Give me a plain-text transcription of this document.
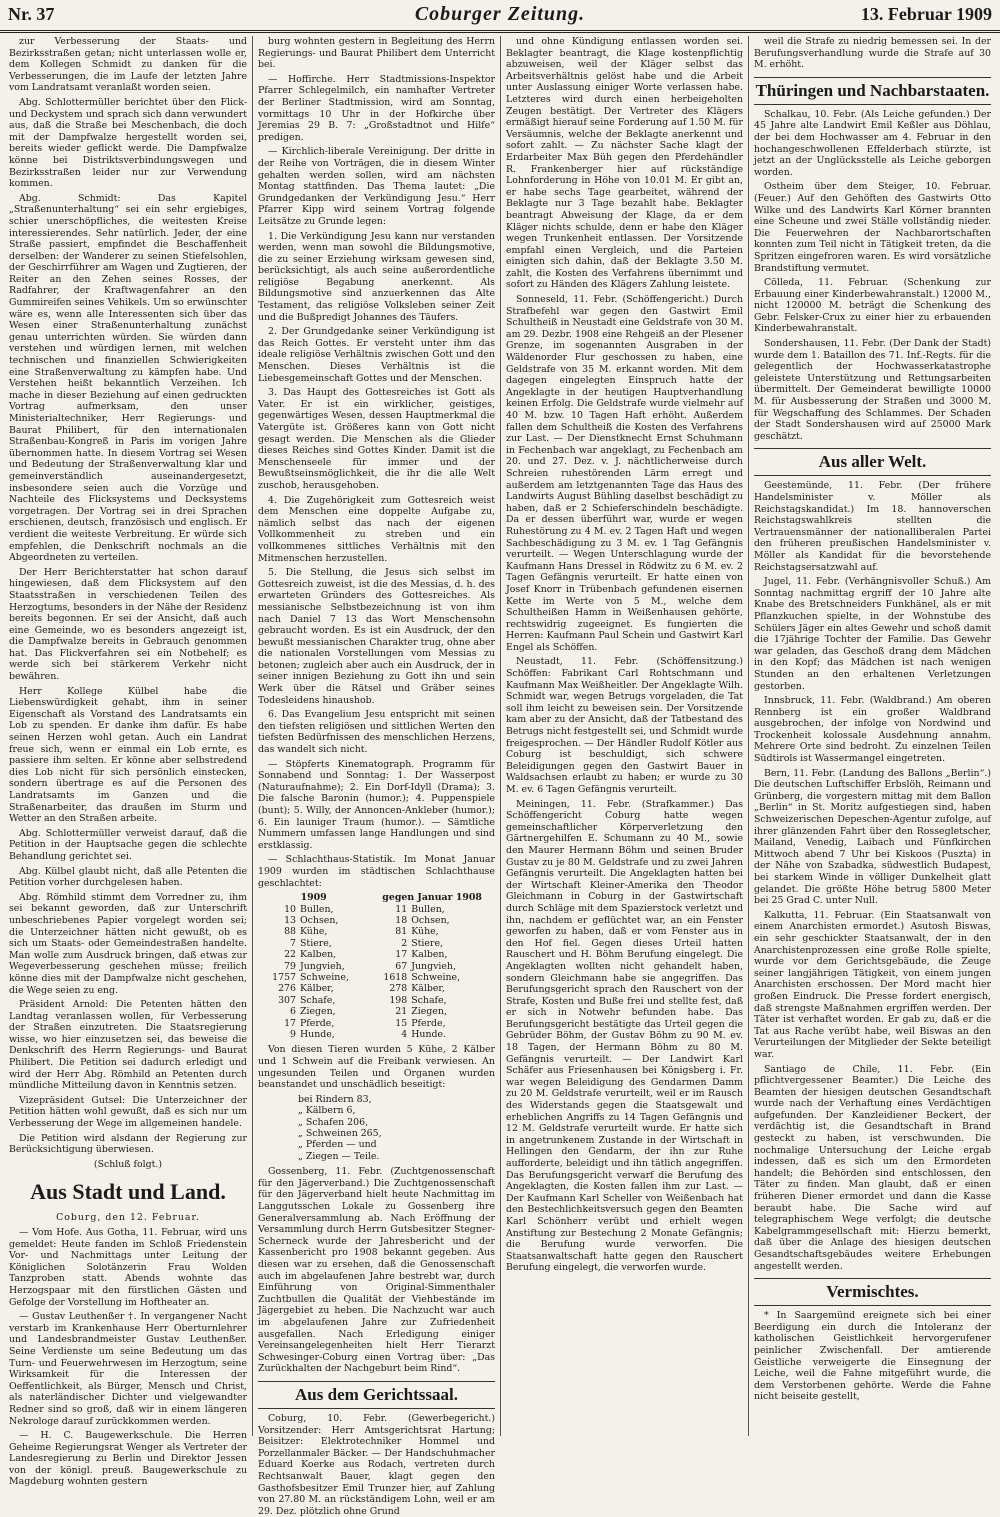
Nr. 37	Coburger Zeitung.	13. Februar 1909

zur Verbesserung der Staats- und Bezirksstraßen getan; nicht unterlassen wolle er, dem Kollegen Schmidt zu danken für die Verbesserungen, die im Laufe der letzten Jahre vom Landratsamt veranlaßt worden seien.

Abg. Schlottermüller berichtet über den Flick- und Deckystem und sprach sich dann verwundert aus, daß die Straße bei Meschenbach, die doch mit der Dampfwalze hergestellt worden sei, bereits wieder geflickt werde. Die Dampfwalze könne bei Distriktsverbindungswegen und Bezirksstraßen leider nur zur Verwendung kommen.

Abg. Schmidt: Das Kapitel „Straßenunterhaltung“ sei ein sehr ergiebiges, schier unerschöpfliches, die weitesten Kreise interessierendes. Sehr natürlich. Jeder, der eine Straße passiert, empfindet die Beschaffenheit derselben: der Wanderer zu seinen Stiefelsohlen, der Geschirrführer am Wagen und Zugtieren, der Reiter an den Zehen seines Rosses, der Radfahrer, der Kraftwagenfahrer an den Gummireifen seines Vehikels. Um so erwünschter wäre es, wenn alle Interessenten sich über das Wesen einer Straßenunterhaltung zunächst genau unterrichten würden. Sie würden dann verstehen und würdigen lernen, mit welchen technischen und finanziellen Schwierigkeiten eine Straßenverwaltung zu kämpfen habe. Und Verstehen heißt bekanntlich Verzeihen. Ich mache in dieser Beziehung auf einen gedruckten Vortrag aufmerksam, den unser Ministerialtechniker, Herr Regierungs- und Baurat Philibert, für den internationalen Straßenbau-Kongreß in Paris im vorigen Jahre übernommen hatte. In diesem Vortrag sei Wesen und Bedeutung der Straßenverwaltung klar und gemeinverständlich auseinandergesetzt, insbesondere seien auch die Vorzüge und Nachteile des Flicksystems und Decksystems vorgetragen. Der Vortrag sei in drei Sprachen erschienen, deutsch, französisch und englisch. Er verdient die weiteste Verbreitung. Er würde sich empfehlen, die Denkschrift nochmals an die Abgeordneten zu verteilen.

Der Herr Berichterstatter hat schon darauf hingewiesen, daß dem Flicksystem auf den Staatsstraßen in verschiedenen Teilen des Herzogtums, besonders in der Nähe der Residenz bereits begonnen. Er sei der Ansicht, daß auch eine Gemeinde, wo es besonders angezeigt ist, die Dampfwalze bereits in Gebrauch genommen hat. Das Flickverfahren sei ein Notbehelf; es werde sich bei stärkerem Verkehr nicht bewähren.

Herr Kollege Külbel habe die Liebenswürdigkeit gehabt, ihm in seiner Eigenschaft als Vorstand des Landratsamts ein Lob zu spenden. Er danke ihm dafür. Es habe seinen Herzen wohl getan. Auch ein Landrat freue sich, wenn er einmal ein Lob ernte, es passiere ihm selten. Er könne aber selbstredend dies Lob nicht für sich persönlich einstecken, sondern übertrage es auf die Personen des Landratsamts im Ganzen und die Straßenarbeiter, das draußen im Sturm und Wetter an den Straßen arbeite.

Abg. Schlottermüller verweist darauf, daß die Petition in der Hauptsache gegen die schlechte Behandlung gerichtet sei.

Abg. Külbel glaubt nicht, daß alle Petenten die Petition vorher durchgelesen haben.

Abg. Römhild stimmt dem Vorredner zu, ihm sei bekannt geworden, daß zur Unterschrift unbeschriebenes Papier vorgelegt worden sei; die Unterzeichner hätten nicht gewußt, ob es sich um Staats- oder Gemeindestraßen handelte. Man wolle zum Ausdruck bringen, daß etwas zur Wegeverbesserung geschehen müsse; freilich könne dies mit der Dampfwalze nicht geschehen, die Wege seien zu eng.

Präsident Arnold: Die Petenten hätten den Landtag veranlassen wollen, für Verbesserung der Straßen einzutreten. Die Staatsregierung wisse, wo hier einzusetzen sei, das beweise die Denkschrift des Herrn Regierungs- und Baurat Philibert. Die Petition sei dadurch erledigt und wird der Herr Abg. Römhild an Petenten durch mündliche Mitteilung davon in Kenntnis setzen.

Vizepräsident Gutsel: Die Unterzeichner der Petition hätten wohl gewußt, daß es sich nur um Verbesserung der Wege im allgemeinen handele.

Die Petition wird alsdann der Regierung zur Berücksichtigung überwiesen.

(Schluß folgt.)

Aus Stadt und Land.
Coburg, den 12. Februar.

— Vom Hofe. Aus Gotha, 11. Februar, wird uns gemeldet: Heute fanden im Schloß Friedenstein Vor- und Nachmittags unter Leitung der Königlichen Solotänzerin Frau Wolden Tanzproben statt. Abends wohnte das Herzogspaar mit den fürstlichen Gästen und Gefolge der Vorstellung im Hoftheater an.

— Gustav Leuthenßer †. In vergangener Nacht verstarb im Krankenhause Herr Oberturnlehrer und Landesbrandmeister Gustav Leuthenßer. Seine Verdienste um seine Bedeutung um das Turn- und Feuerwehrwesen im Herzogtum, seine Wirksamkeit für die Interessen der Oeffentlichkeit, als Bürger, Mensch und Christ, als naterländischer Dichter und vielgewandter Redner sind so groß, daß wir in einem längeren Nekrologe darauf zurückkommen werden.

— H. C. Baugewerkschule. Die Herren Geheime Regierungsrat Wenger als Vertreter der Landesregierung zu Berlin und Direktor Jessen von der königl. preuß. Baugewerkschule zu Magdeburg wohnten gestern

burg wohnten gestern in Begleitung des Herrn Regierungs- und Baurat Philibert dem Unterricht bei.

— Hoffirche. Herr Stadtmissions-Inspektor Pfarrer Schlegelmilch, ein namhafter Vertreter der Berliner Stadtmission, wird am Sonntag, vormittags 10 Uhr in der Hofkirche über Jeremias 29 B. 7: „Großstadtnot und Hilfe“ predigen.

— Kirchlich-liberale Vereinigung. Der dritte in der Reihe von Vorträgen, die in diesem Winter gehalten werden sollen, wird am nächsten Montag stattfinden. Das Thema lautet: „Die Grundgedanken der Verkündigung Jesu.“ Herr Pfarrer Kipp wird seinem Vortrag folgende Leitsätze zu Grunde legen:

1. Die Verkündigung Jesu kann nur verstanden werden, wenn man sowohl die Bildungsmotive, die zu seiner Erziehung wirksam gewesen sind, berücksichtigt, als auch seine außerordentliche religiöse Begabung anerkennt. Als Bildungsmotive sind anzuerkennen das Alte Testament, das religiöse Volksleben seiner Zeit und die Bußpredigt Johannes des Täufers.

2. Der Grundgedanke seiner Verkündigung ist das Reich Gottes. Er versteht unter ihm das ideale religiöse Verhältnis zwischen Gott und den Menschen. Dieses Verhältnis ist die Liebesgemeinschaft Gottes und der Menschen.

3. Das Haupt des Gottesreiches ist Gott als Vater. Er ist ein wirklicher, geistiges, gegenwärtiges Wesen, dessen Hauptmerkmal die Vatergüte ist. Größeres kann von Gott nicht gesagt werden. Die Menschen als die Glieder dieses Reiches sind Gottes Kinder. Damit ist die Menschenseele für immer und der Bewußtseinsmöglichkeit, die ihr die alle Welt zuschob, herausgehoben.

4. Die Zugehörigkeit zum Gottesreich weist dem Menschen eine doppelte Aufgabe zu, nämlich selbst das nach der eigenen Vollkommenheit zu streben und ein vollkommenes sittliches Verhältnis mit den Mitmenschen herzustellen.

5. Die Stellung, die Jesus sich selbst im Gottesreich zuweist, ist die des Messias, d. h. des erwarteten Gründers des Gottesreiches. Als messianische Selbstbezeichnung ist von ihm nach Daniel 7 13 das Wort Menschensohn gebraucht worden. Es ist ein Ausdruck, der den bewußt messianischen Charakter trug, ohne aber die nationalen Vorstellungen vom Messias zu betonen; zugleich aber auch ein Ausdruck, der in seiner innigen Beziehung zu Gott ihn und sein Werk über die Rätsel und Gräber seines Todesleidens hinaushob.

6. Das Evangelium Jesu entspricht mit seinen den tiefsten religiösen und sittlichen Werten den tiefsten Bedürfnissen des menschlichen Herzens, das wandelt sich nicht.

— Stöpferts Kinematograph. Programm für Sonnabend und Sonntag: 1. Der Wasserpost (Naturaufnahme); 2. Ein Dorf-Idyll (Drama); 3. Die falsche Baronin (humor.); 4. Puppenspiele (bunt); 5. Willy, der Annoncen-Ankleber (humor.); 6. Ein launiger Traum (humor.). — Sämtliche Nummern umfassen lange Handlungen und sind erstklassig.

— Schlachthaus-Statistik. Im Monat Januar 1909 wurden im städtischen Schlachthause geschlachtet:

1909		gegen Januar 1908	
10	Bullen,	11	Bullen,
13	Ochsen,	18	Ochsen,
88	Kühe,	81	Kühe,
7	Stiere,	2	Stiere,
22	Kalben,	17	Kalben,
79	Jungvieh,	67	Jungvieh,
1757	Schweine,	1618	Schweine,
276	Kälber,	278	Kälber,
307	Schafe,	198	Schafe,
6	Ziegen,	21	Ziegen,
17	Pferde,	15	Pferde,
9	Hunde,	4	Hunde.

Von diesen Tieren wurden 5 Kühe, 2 Kälber und 1 Schwein auf die Freibank verwiesen. An ungesunden Teilen und Organen wurden beanstandet und unschädlich beseitigt:

bei Rindern 83,
„ Kälbern 6,
„ Schafen 206,
„ Schweinen 265,
„ Pferden — und
„ Ziegen — Teile.

Gossenberg, 11. Febr. (Zuchtgenossenschaft für den Jägerverband.) Die Zuchtgenossenschaft für den Jägerverband hielt heute Nachmittag im Langgutsschen Lokale zu Gossenberg ihre Generalversammlung ab. Nach Eröffnung der Versammlung durch Herrn Gutsbesitzer Stegner-Scherneck wurde der Jahresbericht und der Kassenbericht pro 1908 bekannt gegeben. Aus diesen war zu ersehen, daß die Genossenschaft auch im abgelaufenen Jahre bestrebt war, durch Einführung von Original-Simmenthaler Zuchtbullen die Qualität der Viehbestände im Jägergebiet zu heben. Die Nachzucht war auch im abgelaufenen Jahre zur Zufriedenheit ausgefallen. Nach Erledigung einiger Vereinsangelegenheiten hielt Herr Tierarzt Schwesinger-Coburg einen Vortrag über: „Das Zurückhalten der Nachgeburt beim Rind“.

Aus dem Gerichtssaal.

Coburg, 10. Febr. (Gewerbegericht.) Vorsitzender: Herr Amtsgerichtsrat Hartung; Beisitzer: Elektrotechniker Hommel und Porzellanmaler Bäcker. — Der Handschuhmacher Eduard Koerke aus Rodach, vertreten durch Rechtsanwalt Bauer, klagt gegen den Gasthofsbesitzer Emil Trunzer hier, auf Zahlung von 27.80 M. an rückständigem Lohn, weil er am 29. Dez. plötzlich ohne Grund

und ohne Kündigung entlassen worden sei. Beklagter beantragt, die Klage kostenpflichtig abzuweisen, weil der Kläger selbst das Arbeitsverhältnis gelöst habe und die Arbeit unter Auslassung einiger Worte verlassen habe. Letzteres wird durch einen herbeigeholten Zeugen bestätigt. Der Vertreter des Klägers ermäßigt hierauf seine Forderung auf 1.50 M. für Versäumnis, welche der Beklagte anerkennt und sofort zahlt. — Zu nächster Sache klagt der Erdarbeiter Max Büh gegen den Pferdehändler R. Frankenberger hier auf rückständige Lohnforderung in Höhe von 10.01 M. Er gibt an, er habe sechs Tage gearbeitet, während der Beklagte nur 3 Tage bezahlt habe. Beklagter beantragt Abweisung der Klage, da er dem Kläger nichts schulde, denn er habe den Kläger wegen Trunkenheit entlassen. Der Vorsitzende empfahl einen Vergleich, und die Parteien einigten sich dahin, daß der Beklagte 3.50 M. zahlt, die Kosten des Verfahrens übernimmt und sofort zu Händen des Klägers Zahlung leistete.

Sonneseld, 11. Febr. (Schöffengericht.) Durch Strafbefehl war gegen den Gastwirt Emil Schultheiß in Neustadt eine Geldstrafe von 30 M. am 29. Dezbr. 1908 eine Rehgeiß an der Plesener Grenze, im sogenannten Ausgraben in der Wäldenorder Flur geschossen zu haben, eine Geldstrafe von 35 M. erkannt worden. Mit dem dagegen eingelegten Einspruch hatte der Angeklagte in der heutigen Hauptverhandlung keinen Erfolg. Die Geldstrafe wurde vielmehr auf 40 M. bzw. 10 Tagen Haft erhöht. Außerdem fallen dem Schultheiß die Kosten des Verfahrens zur Last. — Der Dienstknecht Ernst Schuhmann in Fechenbach war angeklagt, zu Fechenbach am 20. und 27. Dez. v. J. nächtlicherweise durch Schreien ruhestörenden Lärm erregt und außerdem am letztgenannten Tage das Haus des Landwirts August Bühling daselbst beschädigt zu haben, daß er 2 Schieferschindeln beschädigte. Da er dessen überführt war, wurde er wegen Ruhestörung zu 4 M. ev. 2 Tagen Haft und wegen Sachbeschädigung zu 3 M. ev. 1 Tag Gefängnis verurteilt. — Wegen Unterschlagung wurde der Kaufmann Hans Dressel in Rödwitz zu 6 M. ev. 2 Tagen Gefängnis verurteilt. Er hatte einen von Josef Knorr in Trübenbach gefundenen eisernen Kette im Werte von 5 M., welche dem Schultheißen Hamm in Weißenhausen gehörte, rechtswidrig zugeeignet. Es fungierten die Herren: Kaufmann Paul Schein und Gastwirt Karl Engel als Schöffen.

Neustadt, 11. Febr. (Schöffensitzung.) Schöffen: Fabrikant Carl Rohtschmann und Kaufmann Max Weißheitler. Der Angeklagte Wilh. Schmidt war, wegen Betrugs vorgeladen, die Tat soll ihm leicht zu beweisen sein. Der Vorsitzende kam aber zu der Ansicht, daß der Tatbestand des Betrugs nicht festgestellt sei, und Schmidt wurde freigesprochen. — Der Händler Rudolf Kötler aus Coburg ist beschuldigt, sich schwere Beleidigungen gegen den Gastwirt Bauer in Waldsachsen erlaubt zu haben; er wurde zu 30 M. ev. 6 Tagen Gefängnis verurteilt.

Meiningen, 11. Febr. (Strafkammer.) Das Schöffengericht Coburg hatte wegen gemeinschaftlicher Körperverletzung den Gärtnergehilfen E. Schumann zu 40 M., sowie den Maurer Hermann Böhm und seinen Bruder Gustav zu je 80 M. Geldstrafe und zu zwei Jahren Gefängnis verurteilt. Die Angeklagten hatten bei der Wirtschaft Kleiner-Amerika den Theodor Gleichmann in Coburg in der Gastwirtschaft durch Schläge mit dem Spazierstock verletzt und ihn, nachdem er geflüchtet war, an ein Fenster geworfen zu haben, daß er vom Fenster aus in den Hof fiel. Gegen dieses Urteil hatten Rauschert und H. Böhm Berufung eingelegt. Die Angeklagten wollten nicht gehandelt haben, sondern Gleichmann habe sie angegriffen. Das Berufungsgericht sprach den Rauschert von der Strafe, Kosten und Buße frei und stellte fest, daß er sich in Notwehr befunden habe. Das Berufungsgericht bestätigte das Urteil gegen die Gebrüder Böhm, der Gustav Böhm zu 90 M. ev. 18 Tagen, der Hermann Böhm zu 80 M. Gefängnis verurteilt. — Der Landwirt Karl Schäfer aus Friesenhausen bei Königsberg i. Fr. war wegen Beleidigung des Gendarmen Damm zu 20 M. Geldstrafe verurteilt, weil er im Rausch des Widerstands gegen die Staatsgewalt und erheblichen Angriffs zu 14 Tagen Gefängnis und 12 M. Geldstrafe verurteilt wurde. Er hatte sich in angetrunkenem Zustande in der Wirtschaft in Hellingen den Gendarm, der ihn zur Ruhe aufforderte, beleidigt und ihn tätlich angegriffen. Das Berufungsgericht verwarf die Berufung des Angeklagten, die Kosten fallen ihm zur Last. — Der Kaufmann Karl Scheller von Weißenbach hat den Bestechlichkeitsversuch gegen den Beamten Karl Schönherr verübt und erhielt wegen Anstiftung zur Bestechung 2 Monate Gefängnis; die Berufung wurde verworfen. Die Staatsanwaltschaft hatte gegen den Rauschert Berufung eingelegt, die verworfen wurde.

weil die Strafe zu niedrig bemessen sei. In der Berufungsverhandlung wurde die Strafe auf 30 M. erhöht.

Thüringen und Nachbarstaaten.

Schalkau, 10. Febr. (Als Leiche gefunden.) Der 45 Jahre alte Landwirt Emil Keßler aus Döhlau, der bei dem Hochwasser am 4. Februar in den hochangeschwollenen Effelderbach stürzte, ist jetzt an der Unglücksstelle als Leiche geborgen worden.

Ostheim über dem Steiger, 10. Februar. (Feuer.) Auf den Gehöften des Gastwirts Otto Wilke und des Landwirts Karl Körner brannten eine Scheune und zwei Ställe vollständig nieder. Die Feuerwehren der Nachbarortschaften konnten zum Teil nicht in Tätigkeit treten, da die Spritzen eingefroren waren. Es wird vorsätzliche Brandstiftung vermutet.

Cölleda, 11. Februar. (Schenkung zur Erbauung einer Kinderbewahranstalt.) 12000 M., nicht 120000 M. beträgt die Schenkung des Gebr. Felsker-Crux zu einer hier zu erbauenden Kinderbewahranstalt.

Sondershausen, 11. Febr. (Der Dank der Stadt) wurde dem 1. Bataillon des 71. Inf.-Regts. für die gelegentlich der Hochwasserkatastrophe geleistete Unterstützung und Rettungsarbeiten übermittelt. Der Gemeinderat bewilligte 10000 M. für Ausbesserung der Straßen und 3000 M. für Wegschaffung des Schlammes. Der Schaden der Stadt Sondershausen wird auf 25000 Mark geschätzt.

Aus aller Welt.

Geestemünde, 11. Febr. (Der frühere Handelsminister v. Möller als Reichstagskandidat.) Im 18. hannoverschen Reichstagswahlkreis stellten die Vertrauensmänner der nationalliberalen Partei den früheren preußischen Handelsminister v. Möller als Kandidat für die bevorstehende Reichstagsersatzwahl auf.

Jugel, 11. Febr. (Verhängnisvoller Schuß.) Am Sonntag nachmittag ergriff der 10 Jahre alte Knabe des Bretschneiders Funkhänel, als er mit Pflanzkuchen spielte, in der Wohnstube des Schülers Jäger ein altes Gewehr und schoß damit die 17jährige Tochter der Familie. Das Gewehr war geladen, das Geschoß drang dem Mädchen in den Kopf; das Mädchen ist nach wenigen Stunden an den erhaltenen Verletzungen gestorben.

Innsbruck, 11. Febr. (Waldbrand.) Am oberen Rennberg ist ein großer Waldbrand ausgebrochen, der infolge von Nordwind und Trockenheit kolossale Ausdehnung annahm. Mehrere Orte sind bedroht. Zu einzelnen Teilen Südtirols ist Wassermangel eingetreten.

Bern, 11. Febr. (Landung des Ballons „Berlin“.) Die deutschen Luftschiffer Erbslöh, Reimann und Grünberg, die vorgestern mittag mit dem Ballon „Berlin“ in St. Moritz aufgestiegen sind, haben Schweizerischen Depeschen-Agentur zufolge, auf ihrer glänzenden Fahrt über den Rossegletscher, Mailand, Venedig, Laibach und Fünfkirchen Mittwoch abend 7 Uhr bei Kiskoos (Puszta) in der Nähe von Szabadka, südwestlich Budapest, bei starkem Winde in völliger Dunkelheit glatt gelandet. Die größte Höhe betrug 5800 Meter bei 25 Grad C. unter Null.

Kalkutta, 11. Februar. (Ein Staatsanwalt von einem Anarchisten ermordet.) Asutosh Biswas, ein sehr geschickter Staatsanwalt, der in den Anarchistenprozessen eine große Rolle spielte, wurde vor dem Gerichtsgebäude, die Zeuge seiner langjährigen Tätigkeit, von einem jungen Anarchisten erschossen. Der Mord macht hier großen Eindruck. Die Presse fordert energisch, daß strengste Maßnahmen ergriffen werden. Der Täter ist verhaftet worden. Er gab zu, daß er die Tat aus Rache verübt habe, weil Biswas an den Verurteilungen der Mitglieder der Sekte beteiligt war.

Santiago de Chile, 11. Febr. (Ein pflichtvergessener Beamter.) Die Leiche des Beamten der hiesigen deutschen Gesandtschaft wurde nach der Verhaftung eines Verdächtigen aufgefunden. Der Kanzleidiener Beckert, der verdächtig ist, die Gesandtschaft in Brand gesteckt zu haben, ist verschwunden. Die nochmalige Untersuchung der Leiche ergab indessen, daß es sich um den Ermordeten handelt; die Behörden sind entschlossen, den Täter zu finden. Man glaubt, daß er einen früheren Diener ermordet und dann die Kasse beraubt habe. Die Sache wird auf telegraphischem Wege verfolgt; die deutsche Kabelgrammgesellschaft mit: Hierzu bemerkt, daß über die Anlage des hiesigen deutschen Gesandtschaftsgebäudes weitere Erhebungen angestellt werden.

Vermischtes.

* In Saargemünd ereignete sich bei einer Beerdigung ein durch die Intoleranz der katholischen Geistlichkeit hervorgerufener peinlicher Zwischenfall. Der amtierende Geistliche verweigerte die Einsegnung der Leiche, weil die Fahne mitgeführt wurde, die dem Verstorbenen gehörte. Werde die Fahne nicht beiseite gestellt,
